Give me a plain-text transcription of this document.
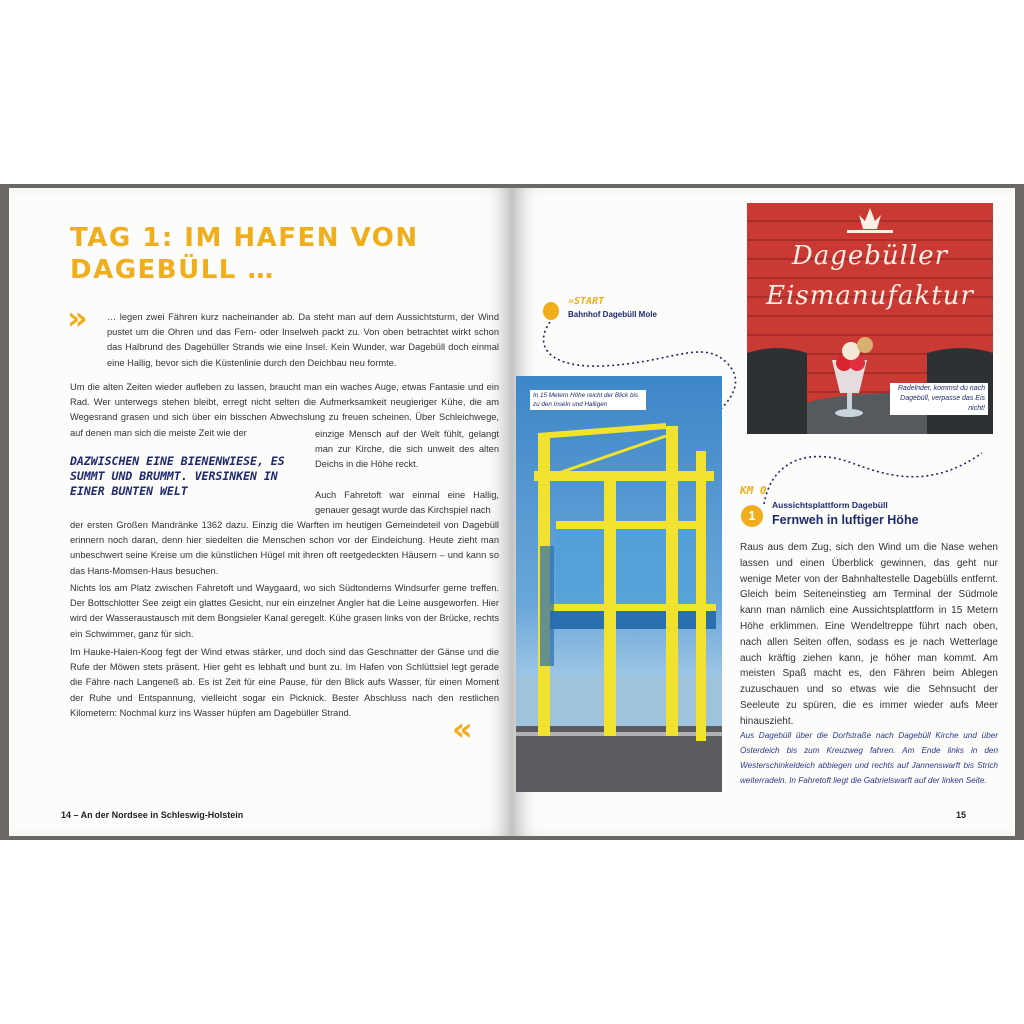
TAG 1: IM HAFEN VON DAGEBÜLL …
» … legen zwei Fähren kurz nacheinander ab. Da steht man auf dem Aussichtsturm, der Wind pustet um die Ohren und das Fern- oder Inselweh packt zu. Von oben betrachtet wirkt schon das Halbrund des Dagebüller Strands wie eine Insel. Kein Wunder, war Dagebüll doch einmal eine Hallig, bevor sich die Küstenlinie durch den Deichbau neu formte.

Um die alten Zeiten wieder aufleben zu lassen, braucht man ein waches Auge, etwas Fantasie und ein Rad. Wer unterwegs stehen bleibt, erregt nicht selten die Aufmerksamkeit neugieriger Kühe, die am Wegesrand grasen und sich über ein bisschen Abwechslung zu freuen scheinen. Über Schleichwege, auf denen man sich die meiste Zeit wie der

DAZWISCHEN EINE BIENENWIESE, ES SUMMT UND BRUMMT. VERSINKEN IN EINER BUNTEN WELT

einzige Mensch auf der Welt fühlt, gelangt man zur Kirche, die sich unweit des alten Deichs in die Höhe reckt.

Auch Fahretoft war einmal eine Hallig, genauer gesagt wurde das Kirchspiel nach

der ersten Großen Mandränke 1362 dazu. Einzig die Warften im heutigen Gemeindeteil von Dagebüll erinnern noch daran, denn hier siedelten die Menschen schon vor der Eindeichung. Heute zieht man unbeschwert seine Kreise um die künstlichen Hügel mit ihren oft reetgedeckten Häusern – und kann so das Hans-Momsen-Haus besuchen.

Nichts los am Platz zwischen Fahretoft und Waygaard, wo sich Südtonderns Windsurfer gerne treffen. Der Bottschlotter See zeigt ein glattes Gesicht, nur ein einzelner Angler hat die Leine ausgeworfen. Hier wird der Wasseraustausch mit dem Bongsieler Kanal geregelt. Kühe grasen links von der Brücke, rechts ein Schwimmer, ganz für sich.

Im Hauke-Haien-Koog fegt der Wind etwas stärker, und doch sind das Geschnatter der Gänse und die Rufe der Möwen stets präsent. Hier geht es lebhaft und bunt zu. Im Hafen von Schlüttsiel legt gerade die Fähre nach Langeneß ab. Es ist Zeit für eine Pause, für den Blick aufs Wasser, für einen Moment der Ruhe und Entspannung, vielleicht sogar ein Picknick. Bester Abschluss nach den restlichen Kilometern: Nochmal kurz ins Wasser hüpfen am Dagebüller Strand.	«
14 – An der Nordsee in Schleswig-Holstein
»START
Bahnhof Dagebüll Mole
In 15 Metern Höhe reicht der Blick bis zu den Inseln und Halligen
Dagebüller
Eismanufaktur
Radelnder, kommst du nach Dagebüll, verpasse das Eis nicht!
KM 0
1
Aussichtsplattform Dagebüll
Fernweh in luftiger Höhe

Raus aus dem Zug, sich den Wind um die Nase wehen lassen und einen Überblick gewinnen, das geht nur wenige Meter von der Bahnhaltestelle Dagebülls entfernt. Gleich beim Seiteneinstieg am Terminal der Südmole kann man nämlich eine Aussichtsplattform in 15 Metern Höhe erklimmen. Eine Wendeltreppe führt nach oben, nach allen Seiten offen, sodass es je nach Wetterlage auch kräftig ziehen kann, je höher man kommt. Am meisten Spaß macht es, den Fähren beim Ablegen zuzuschauen und so etwas wie die Sehnsucht der Seeleute zu spüren, die es immer wieder aufs Meer hinauszieht.

Aus Dagebüll über die Dorfstraße nach Dagebüll Kirche und über Osterdeich bis zum Kreuzweg fahren. Am Ende links in den Westerschinkeldeich abbiegen und rechts auf Jannenswarft bis Strich weiterradeln. In Fahretoft liegt die Gabrielswarft auf der linken Seite.

15
